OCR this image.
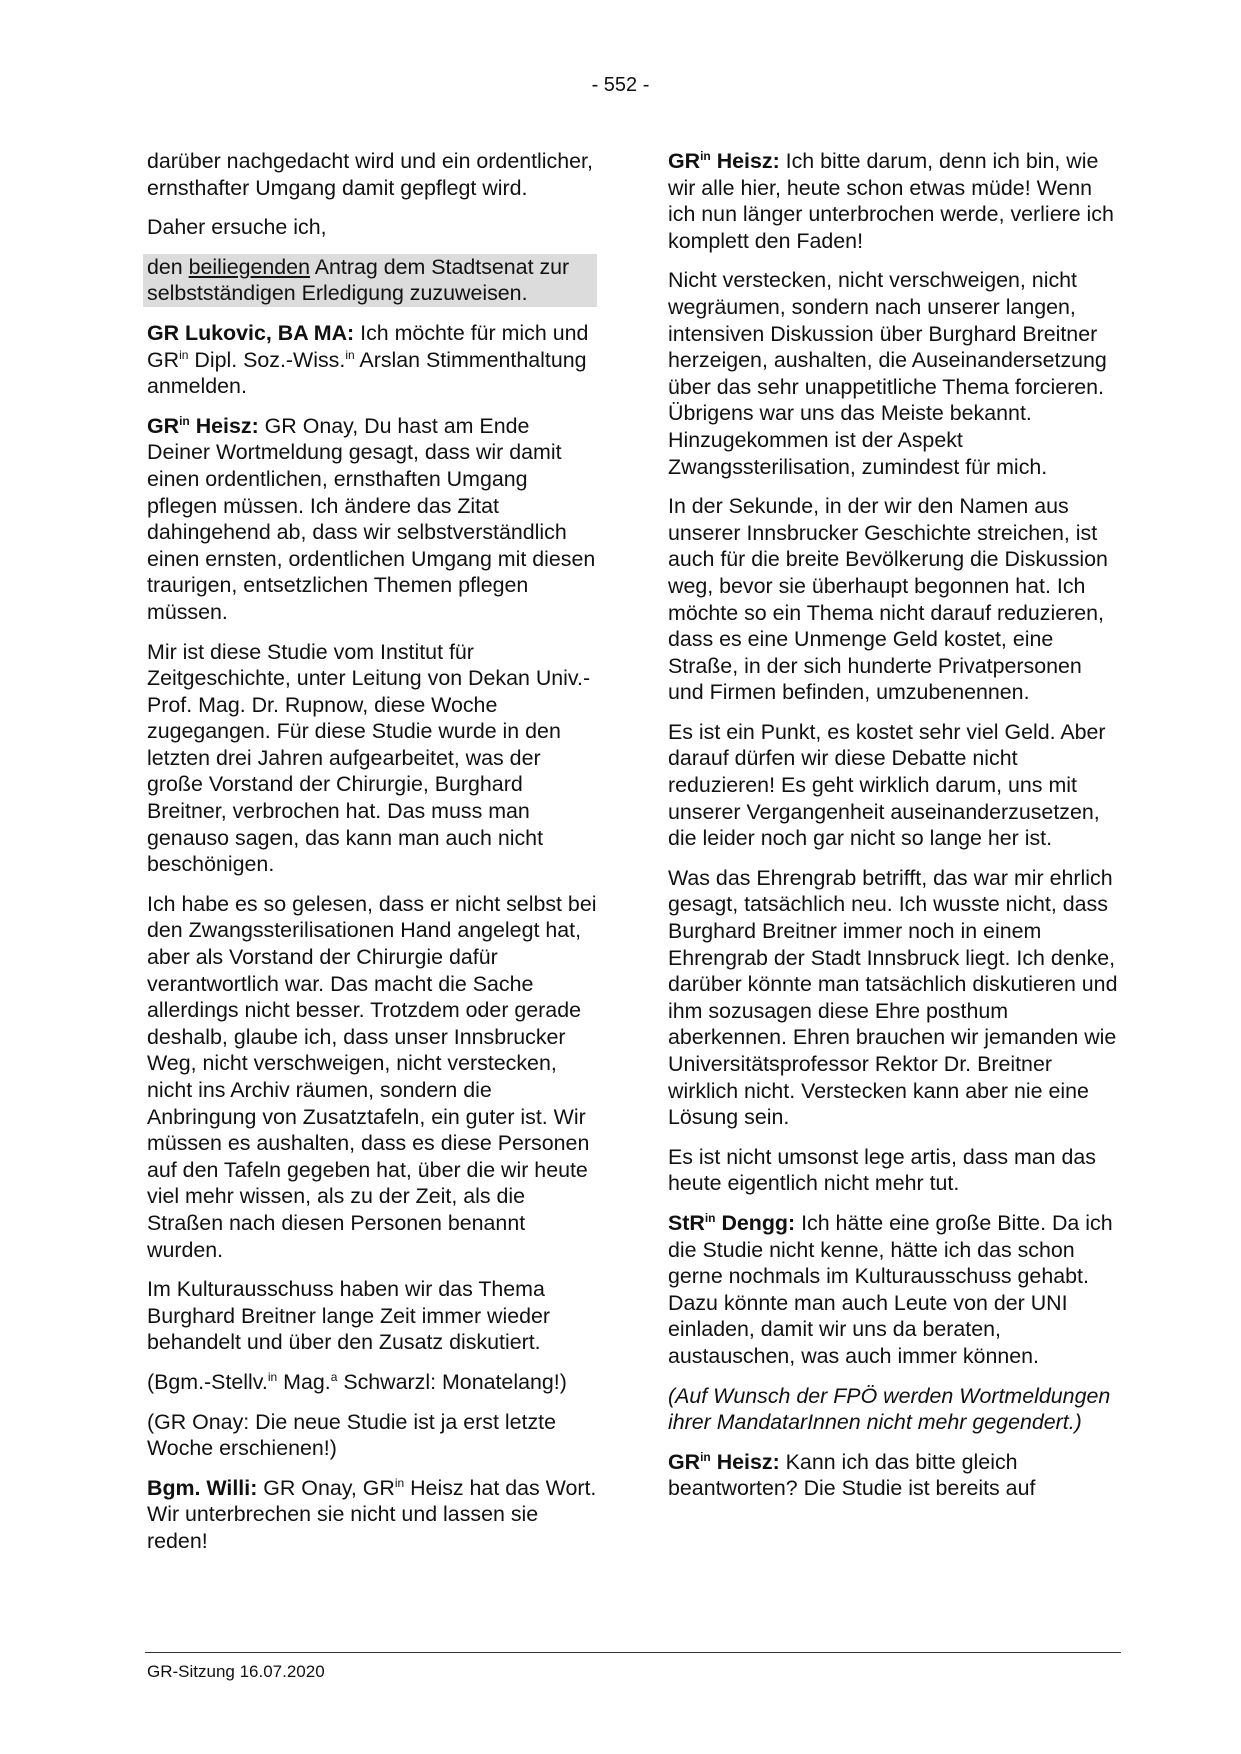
- 552 -

darüber nachgedacht wird und ein ordentlicher, ernsthafter Umgang damit gepflegt wird.

Daher ersuche ich,

den beiliegenden Antrag dem Stadtsenat zur selbstständigen Erledigung zuzuweisen.

GR Lukovic, BA MA: Ich möchte für mich und $GR^{in}$ Dipl. Soz.-Wiss.$^{in}$ Arslan Stimmenthaltung anmelden.

$GR^{in}$ Heisz: GR Onay, Du hast am Ende Deiner Wortmeldung gesagt, dass wir damit einen ordentlichen, ernsthaften Umgang pflegen müssen. Ich ändere das Zitat dahingehend ab, dass wir selbstverständlich einen ernsten, ordentlichen Umgang mit diesen traurigen, entsetzlichen Themen pflegen müssen.

Mir ist diese Studie vom Institut für Zeitgeschichte, unter Leitung von Dekan Univ.-Prof. Mag. Dr. Rupnow, diese Woche zugegangen. Für diese Studie wurde in den letzten drei Jahren aufgearbeitet, was der große Vorstand der Chirurgie, Burghard Breitner, verbrochen hat. Das muss man genauso sagen, das kann man auch nicht beschönigen.

Ich habe es so gelesen, dass er nicht selbst bei den Zwangssterilisationen Hand angelegt hat, aber als Vorstand der Chirurgie dafür verantwortlich war. Das macht die Sache allerdings nicht besser. Trotzdem oder gerade deshalb, glaube ich, dass unser Innsbrucker Weg, nicht verschweigen, nicht verstecken, nicht ins Archiv räumen, sondern die Anbringung von Zusatztafeln, ein guter ist. Wir müssen es aushalten, dass es diese Personen auf den Tafeln gegeben hat, über die wir heute viel mehr wissen, als zu der Zeit, als die Straßen nach diesen Personen benannt wurden.

Im Kulturausschuss haben wir das Thema Burghard Breitner lange Zeit immer wieder behandelt und über den Zusatz diskutiert.

(Bgm.-Stellv.$^{in}$ Mag.$^a$ Schwarzl: Monatelang!)

(GR Onay: Die neue Studie ist ja erst letzte Woche erschienen!)

Bgm. Willi: GR Onay, $GR^{in}$ Heisz hat das Wort. Wir unterbrechen sie nicht und lassen sie reden!

$GR^{in}$ Heisz: Ich bitte darum, denn ich bin, wie wir alle hier, heute schon etwas müde! Wenn ich nun länger unterbrochen werde, verliere ich komplett den Faden!

Nicht verstecken, nicht verschweigen, nicht wegräumen, sondern nach unserer langen, intensiven Diskussion über Burghard Breitner herzeigen, aushalten, die Auseinandersetzung über das sehr unappetitliche Thema forcieren. Übrigens war uns das Meiste bekannt. Hinzugekommen ist der Aspekt Zwangssterilisation, zumindest für mich.

In der Sekunde, in der wir den Namen aus unserer Innsbrucker Geschichte streichen, ist auch für die breite Bevölkerung die Diskussion weg, bevor sie überhaupt begonnen hat. Ich möchte so ein Thema nicht darauf reduzieren, dass es eine Unmenge Geld kostet, eine Straße, in der sich hunderte Privatpersonen und Firmen befinden, umzubenennen.

Es ist ein Punkt, es kostet sehr viel Geld. Aber darauf dürfen wir diese Debatte nicht reduzieren! Es geht wirklich darum, uns mit unserer Vergangenheit auseinanderzusetzen, die leider noch gar nicht so lange her ist.

Was das Ehrengrab betrifft, das war mir ehrlich gesagt, tatsächlich neu. Ich wusste nicht, dass Burghard Breitner immer noch in einem Ehrengrab der Stadt Innsbruck liegt. Ich denke, darüber könnte man tatsächlich diskutieren und ihm sozusagen diese Ehre posthum aberkennen. Ehren brauchen wir jemanden wie Universitätsprofessor Rektor Dr. Breitner wirklich nicht. Verstecken kann aber nie eine Lösung sein.

Es ist nicht umsonst lege artis, dass man das heute eigentlich nicht mehr tut.

StR$^{in}$ Dengg: Ich hätte eine große Bitte. Da ich die Studie nicht kenne, hätte ich das schon gerne nochmals im Kulturausschuss gehabt. Dazu könnte man auch Leute von der UNI einladen, damit wir uns da beraten, austauschen, was auch immer können.

(Auf Wunsch der FPÖ werden Wortmeldungen ihrer MandatarInnen nicht mehr gegendert.)

$GR^{in}$ Heisz: Kann ich das bitte gleich beantworten? Die Studie ist bereits auf

GR-Sitzung 16.07.2020
